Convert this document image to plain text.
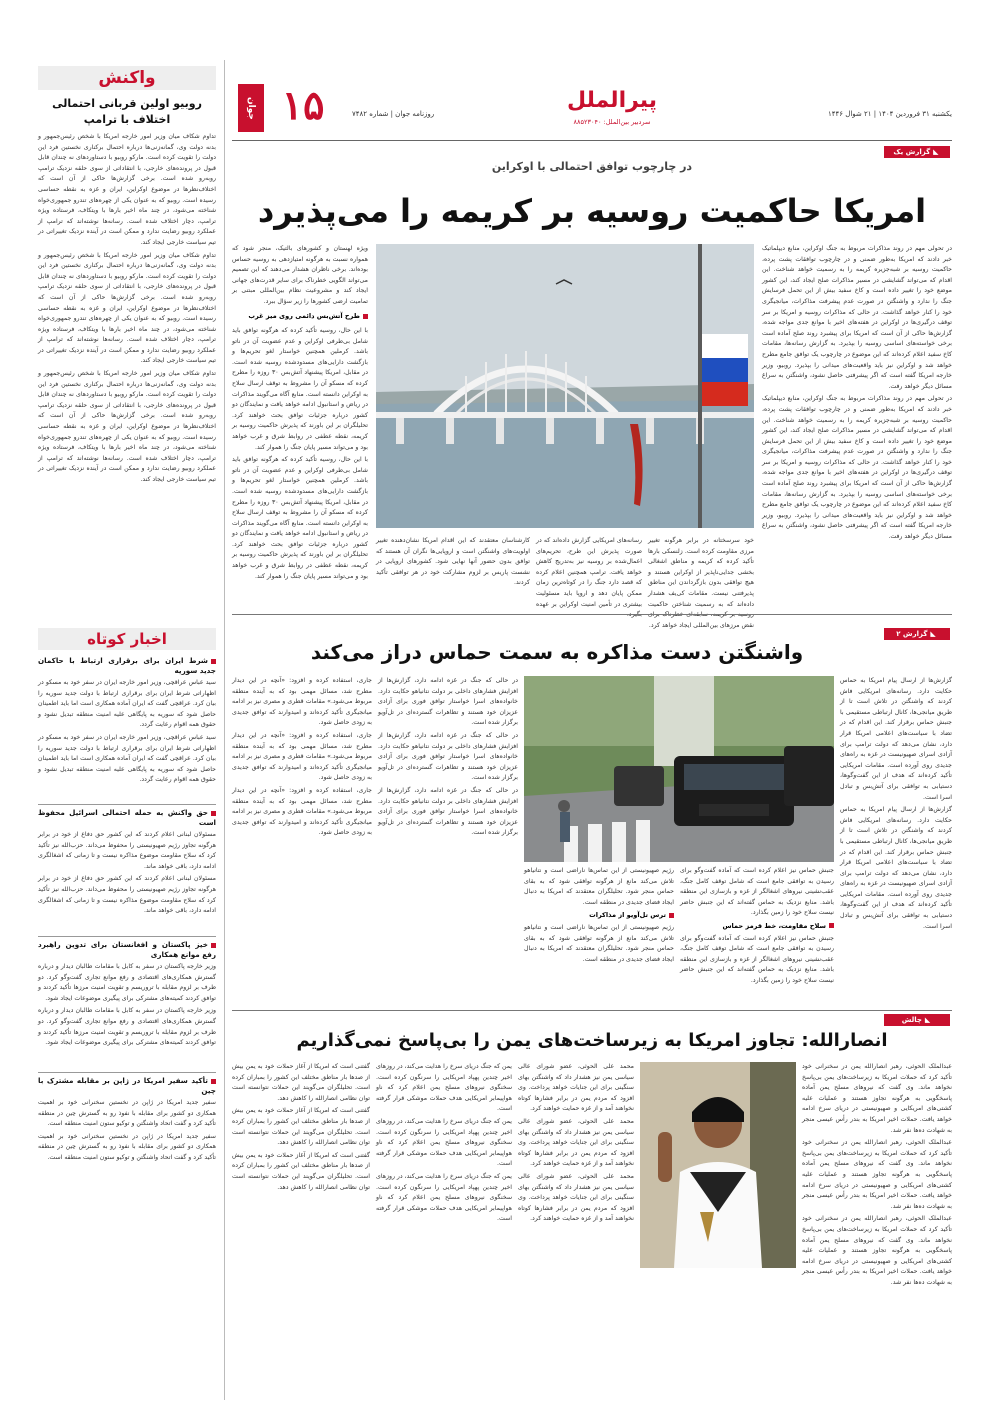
واکنش
روبیو اولین قربانی احتمالی اختلاف با ترامپ

تداوم شکاف میان وزیر امور خارجه امریکا با شخص رئیس‌جمهور و بدنه دولت وی، گمانه‌زنی‌ها درباره احتمال برکناری نخستین فرد این دولت را تقویت کرده است. مارکو روبیو با دستاوردهای نه چندان قابل قبول در پرونده‌های خارجی، با انتقاداتی از سوی حلقه نزدیک ترامپ روبه‌رو شده است. برخی گزارش‌ها حاکی از آن است که اختلاف‌نظرها در موضوع اوکراین، ایران و غزه به نقطه حساسی رسیده است. روبیو که به عنوان یکی از چهره‌های تندرو جمهوری‌خواه شناخته می‌شود، در چند ماه اخیر بارها با ویتکاف، فرستاده ویژه ترامپ، دچار اختلاف شده است. رسانه‌ها نوشته‌اند که ترامپ از عملکرد روبیو رضایت ندارد و ممکن است در آینده نزدیک تغییراتی در تیم سیاست خارجی ایجاد کند.

تداوم شکاف میان وزیر امور خارجه امریکا با شخص رئیس‌جمهور و بدنه دولت وی، گمانه‌زنی‌ها درباره احتمال برکناری نخستین فرد این دولت را تقویت کرده است. مارکو روبیو با دستاوردهای نه چندان قابل قبول در پرونده‌های خارجی، با انتقاداتی از سوی حلقه نزدیک ترامپ روبه‌رو شده است. برخی گزارش‌ها حاکی از آن است که اختلاف‌نظرها در موضوع اوکراین، ایران و غزه به نقطه حساسی رسیده است. روبیو که به عنوان یکی از چهره‌های تندرو جمهوری‌خواه شناخته می‌شود، در چند ماه اخیر بارها با ویتکاف، فرستاده ویژه ترامپ، دچار اختلاف شده است. رسانه‌ها نوشته‌اند که ترامپ از عملکرد روبیو رضایت ندارد و ممکن است در آینده نزدیک تغییراتی در تیم سیاست خارجی ایجاد کند.

تداوم شکاف میان وزیر امور خارجه امریکا با شخص رئیس‌جمهور و بدنه دولت وی، گمانه‌زنی‌ها درباره احتمال برکناری نخستین فرد این دولت را تقویت کرده است. مارکو روبیو با دستاوردهای نه چندان قابل قبول در پرونده‌های خارجی، با انتقاداتی از سوی حلقه نزدیک ترامپ روبه‌رو شده است. برخی گزارش‌ها حاکی از آن است که اختلاف‌نظرها در موضوع اوکراین، ایران و غزه به نقطه حساسی رسیده است. روبیو که به عنوان یکی از چهره‌های تندرو جمهوری‌خواه شناخته می‌شود، در چند ماه اخیر بارها با ویتکاف، فرستاده ویژه ترامپ، دچار اختلاف شده است. رسانه‌ها نوشته‌اند که ترامپ از عملکرد روبیو رضایت ندارد و ممکن است در آینده نزدیک تغییراتی در تیم سیاست خارجی ایجاد کند.

اخبار کوتاه
شرط ایران برای برقراری ارتباط با حاکمان جدید سوریه

سید عباس عراقچی، وزیر امور خارجه ایران در سفر خود به مسکو در اظهاراتی شرط ایران برای برقراری ارتباط با دولت جدید سوریه را بیان کرد. عراقچی گفت که ایران آماده همکاری است اما باید اطمینان حاصل شود که سوریه به پایگاهی علیه امنیت منطقه تبدیل نشود و حقوق همه اقوام رعایت گردد.

سید عباس عراقچی، وزیر امور خارجه ایران در سفر خود به مسکو در اظهاراتی شرط ایران برای برقراری ارتباط با دولت جدید سوریه را بیان کرد. عراقچی گفت که ایران آماده همکاری است اما باید اطمینان حاصل شود که سوریه به پایگاهی علیه امنیت منطقه تبدیل نشود و حقوق همه اقوام رعایت گردد.

حق واکنش به حمله احتمالی اسرائیل محفوظ است

مسئولان لبنانی اعلام کردند که این کشور حق دفاع از خود در برابر هرگونه تجاوز رژیم صهیونیستی را محفوظ می‌داند. حزب‌الله نیز تأکید کرد که سلاح مقاومت موضوع مذاکره نیست و تا زمانی که اشغالگری ادامه دارد، باقی خواهد ماند.

مسئولان لبنانی اعلام کردند که این کشور حق دفاع از خود در برابر هرگونه تجاوز رژیم صهیونیستی را محفوظ می‌داند. حزب‌الله نیز تأکید کرد که سلاح مقاومت موضوع مذاکره نیست و تا زمانی که اشغالگری ادامه دارد، باقی خواهد ماند.

خیز پاکستان و افغانستان برای تدوین راهبرد رفع موانع همکاری

وزیر خارجه پاکستان در سفر به کابل با مقامات طالبان دیدار و درباره گسترش همکاری‌های اقتصادی و رفع موانع تجاری گفت‌وگو کرد. دو طرف بر لزوم مقابله با تروریسم و تقویت امنیت مرزها تأکید کردند و توافق کردند کمیته‌های مشترکی برای پیگیری موضوعات ایجاد شود.

وزیر خارجه پاکستان در سفر به کابل با مقامات طالبان دیدار و درباره گسترش همکاری‌های اقتصادی و رفع موانع تجاری گفت‌وگو کرد. دو طرف بر لزوم مقابله با تروریسم و تقویت امنیت مرزها تأکید کردند و توافق کردند کمیته‌های مشترکی برای پیگیری موضوعات ایجاد شود.

تأکید سفیر امریکا در ژاپن بر مقابله مشترک با چین

سفیر جدید امریکا در ژاپن در نخستین سخنرانی خود بر اهمیت همکاری دو کشور برای مقابله با نفوذ رو به گسترش چین در منطقه تأکید کرد و گفت اتحاد واشنگتن و توکیو ستون امنیت منطقه است.

سفیر جدید امریکا در ژاپن در نخستین سخنرانی خود بر اهمیت همکاری دو کشور برای مقابله با نفوذ رو به گسترش چین در منطقه تأکید کرد و گفت اتحاد واشنگتن و توکیو ستون امنیت منطقه است.

۱۵
جوان	پیرالملل
سردبیر بین‌الملل: ۸۸۵۲۳۰۴۰
یکشنبه ۳۱ فروردین ۱۴۰۴ | ۲۱ شوال ۱۴۴۶
روزنامه جوان | شماره ۷۴۸۲
◣گزارش یک
در چارچوب توافق احتمالی با اوکراین
امریکا حاکمیت روسیه بر کریمه را می‌پذیرد

در تحولی مهم در روند مذاکرات مربوط به جنگ اوکراین، منابع دیپلماتیک خبر دادند که امریکا به‌طور ضمنی و در چارچوب توافقات پشت پرده، حاکمیت روسیه بر شبه‌جزیره کریمه را به رسمیت خواهد شناخت. این اقدام که می‌تواند گشایشی در مسیر مذاکرات صلح ایجاد کند، این کشور موضع خود را تغییر داده است و کاخ سفید بیش از این تحمل فرسایش جنگ را ندارد و واشنگتن در صورت عدم پیشرفت مذاکرات، میانجیگری خود را کنار خواهد گذاشت. در حالی که مذاکرات روسیه و امریکا بر سر توقف درگیری‌ها در اوکراین در هفته‌های اخیر با موانع جدی مواجه شده، گزارش‌ها حاکی از آن است که امریکا برای پیشبرد روند صلح آماده است برخی خواسته‌های اساسی روسیه را بپذیرد. به گزارش رسانه‌ها، مقامات کاخ سفید اعلام کرده‌اند که این موضوع در چارچوب یک توافق جامع مطرح خواهد شد و اوکراین نیز باید واقعیت‌های میدانی را بپذیرد. روبیو، وزیر خارجه امریکا گفته است که اگر پیشرفتی حاصل نشود، واشنگتن به سراغ مسائل دیگر خواهد رفت.

در تحولی مهم در روند مذاکرات مربوط به جنگ اوکراین، منابع دیپلماتیک خبر دادند که امریکا به‌طور ضمنی و در چارچوب توافقات پشت پرده، حاکمیت روسیه بر شبه‌جزیره کریمه را به رسمیت خواهد شناخت. این اقدام که می‌تواند گشایشی در مسیر مذاکرات صلح ایجاد کند، این کشور موضع خود را تغییر داده است و کاخ سفید بیش از این تحمل فرسایش جنگ را ندارد و واشنگتن در صورت عدم پیشرفت مذاکرات، میانجیگری خود را کنار خواهد گذاشت. در حالی که مذاکرات روسیه و امریکا بر سر توقف درگیری‌ها در اوکراین در هفته‌های اخیر با موانع جدی مواجه شده، گزارش‌ها حاکی از آن است که امریکا برای پیشبرد روند صلح آماده است برخی خواسته‌های اساسی روسیه را بپذیرد. به گزارش رسانه‌ها، مقامات کاخ سفید اعلام کرده‌اند که این موضوع در چارچوب یک توافق جامع مطرح خواهد شد و اوکراین نیز باید واقعیت‌های میدانی را بپذیرد. روبیو، وزیر خارجه امریکا گفته است که اگر پیشرفتی حاصل نشود، واشنگتن به سراغ مسائل دیگر خواهد رفت.

ویژه لهستان و کشورهای بالتیک، منجر شود که همواره نسبت به هرگونه امتیازدهی به روسیه حساس بوده‌اند. برخی ناظران هشدار می‌دهند که این تصمیم می‌تواند الگویی خطرناک برای سایر قدرت‌های جهانی ایجاد کند و مشروعیت نظام بین‌المللی مبتنی بر تمامیت ارضی کشورها را زیر سؤال ببرد.

طرح آتش‌بس دائمی روی میز غرب

با این حال، روسیه تأکید کرده که هرگونه توافق باید شامل بی‌طرفی اوکراین و عدم عضویت آن در ناتو باشد. کرملین همچنین خواستار لغو تحریم‌ها و بازگشت دارایی‌های مسدودشده روسیه شده است. در مقابل، امریکا پیشنهاد آتش‌بس ۳۰ روزه را مطرح کرده که مسکو آن را مشروط به توقف ارسال سلاح به اوکراین دانسته است. منابع آگاه می‌گویند مذاکرات در ریاض و استانبول ادامه خواهد یافت و نمایندگان دو کشور درباره جزئیات توافق بحث خواهند کرد. تحلیلگران بر این باورند که پذیرش حاکمیت روسیه بر کریمه، نقطه عطفی در روابط شرق و غرب خواهد بود و می‌تواند مسیر پایان جنگ را هموار کند.

با این حال، روسیه تأکید کرده که هرگونه توافق باید شامل بی‌طرفی اوکراین و عدم عضویت آن در ناتو باشد. کرملین همچنین خواستار لغو تحریم‌ها و بازگشت دارایی‌های مسدودشده روسیه شده است. در مقابل، امریکا پیشنهاد آتش‌بس ۳۰ روزه را مطرح کرده که مسکو آن را مشروط به توقف ارسال سلاح به اوکراین دانسته است. منابع آگاه می‌گویند مذاکرات در ریاض و استانبول ادامه خواهد یافت و نمایندگان دو کشور درباره جزئیات توافق بحث خواهند کرد. تحلیلگران بر این باورند که پذیرش حاکمیت روسیه بر کریمه، نقطه عطفی در روابط شرق و غرب خواهد بود و می‌تواند مسیر پایان جنگ را هموار کند.

خود سرسختانه در برابر هرگونه تغییر مرزی مقاومت کرده است. زلنسکی بارها تأکید کرده که کریمه و مناطق اشغالی بخشی جدایی‌ناپذیر از اوکراین هستند و هیچ توافقی بدون بازگرداندن این مناطق پذیرفتنی نیست. مقامات کی‌یف هشدار داده‌اند که به رسمیت شناختن حاکمیت نقض مرزهای بین‌المللی ایجاد خواهد کرد.

رسانه‌های امریکایی گزارش داده‌اند که در صورت پذیرش این طرح، تحریم‌های اعمال‌شده بر روسیه نیز به‌تدریج کاهش خواهد یافت. ترامپ همچنین اعلام کرده که قصد دارد جنگ را در کوتاه‌ترین زمان ممکن پایان دهد و اروپا باید مسئولیت بیشتری در تأمین امنیت اوکراین بر عهده

کارشناسان معتقدند که این اقدام امریکا نشان‌دهنده تغییر اولویت‌های واشنگتن است و اروپایی‌ها نگران آن هستند که توافق بدون حضور آنها نهایی شود. کشورهای اروپایی در نشست پاریس بر لزوم مشارکت خود در هر توافقی تأکید کردند.

◣گزارش ۲
واشنگتن دست مذاکره به سمت حماس دراز می‌کند

گزارش‌ها از ارسال پیام امریکا به حماس حکایت دارد. رسانه‌های امریکایی فاش کردند که واشنگتن در تلاش است تا از طریق میانجی‌ها، کانال ارتباطی مستقیمی با جنبش حماس برقرار کند. این اقدام که در تضاد با سیاست‌های اعلامی امریکا قرار دارد، نشان می‌دهد که دولت ترامپ برای آزادی اسرای صهیونیست در غزه به راه‌های جدیدی روی آورده است. مقامات امریکایی تأکید کرده‌اند که هدف از این گفت‌وگوها، دستیابی به توافقی برای آتش‌بس و تبادل اسرا است.

گزارش‌ها از ارسال پیام امریکا به حماس حکایت دارد. رسانه‌های امریکایی فاش کردند که واشنگتن در تلاش است تا از طریق میانجی‌ها، کانال ارتباطی مستقیمی با جنبش حماس برقرار کند. این اقدام که در تضاد با سیاست‌های اعلامی امریکا قرار دارد، نشان می‌دهد که دولت ترامپ برای آزادی اسرای صهیونیست در غزه به راه‌های جدیدی روی آورده است. مقامات امریکایی تأکید کرده‌اند که هدف از این گفت‌وگوها، دستیابی به توافقی برای آتش‌بس و تبادل اسرا است.

جنبش حماس نیز اعلام کرده است که آماده گفت‌وگو برای رسیدن به توافقی جامع است که شامل توقف کامل جنگ، عقب‌نشینی نیروهای اشغالگر از غزه و بازسازی این منطقه باشد. منابع نزدیک به حماس گفته‌اند که این جنبش حاضر نیست سلاح خود را زمین بگذارد.

سلاح مقاومت، خط قرمز حماس

جنبش حماس نیز اعلام کرده است که آماده گفت‌وگو برای رسیدن به توافقی جامع است که شامل توقف کامل جنگ، عقب‌نشینی نیروهای اشغالگر از غزه و بازسازی این منطقه باشد. منابع نزدیک به حماس گفته‌اند که این جنبش حاضر نیست سلاح خود را زمین بگذارد.

رژیم صهیونیستی از این تماس‌ها ناراضی است و نتانیاهو تلاش می‌کند مانع از هرگونه توافقی شود که به بقای حماس منجر شود. تحلیلگران معتقدند که امریکا به دنبال ایجاد فضای جدیدی در منطقه است.

ترس تل‌آویو از مذاکرات

رژیم صهیونیستی از این تماس‌ها ناراضی است و نتانیاهو تلاش می‌کند مانع از هرگونه توافقی شود که به بقای حماس منجر شود. تحلیلگران معتقدند که امریکا به دنبال ایجاد فضای جدیدی در منطقه است.

در حالی که جنگ در غزه ادامه دارد، گزارش‌ها از افزایش فشارهای داخلی بر دولت نتانیاهو حکایت دارد. خانواده‌های اسرا خواستار توافق فوری برای آزادی عزیزان خود هستند و تظاهرات گسترده‌ای در تل‌آویو برگزار شده است.

در حالی که جنگ در غزه ادامه دارد، گزارش‌ها از افزایش فشارهای داخلی بر دولت نتانیاهو حکایت دارد. خانواده‌های اسرا خواستار توافق فوری برای آزادی عزیزان خود هستند و تظاهرات گسترده‌ای در تل‌آویو برگزار شده است.

در حالی که جنگ در غزه ادامه دارد، گزارش‌ها از افزایش فشارهای داخلی بر دولت نتانیاهو حکایت دارد. خانواده‌های اسرا خواستار توافق فوری برای آزادی عزیزان خود هستند و تظاهرات گسترده‌ای در تل‌آویو برگزار شده است.

جاری، استفاده کرده و افزود: «آنچه در این دیدار مطرح شد، مسائل مهمی بود که به آینده منطقه مربوط می‌شود.» مقامات قطری و مصری نیز بر ادامه میانجیگری تأکید کرده‌اند و امیدوارند که توافق جدیدی به زودی حاصل شود.

جاری، استفاده کرده و افزود: «آنچه در این دیدار مطرح شد، مسائل مهمی بود که به آینده منطقه مربوط می‌شود.» مقامات قطری و مصری نیز بر ادامه میانجیگری تأکید کرده‌اند و امیدوارند که توافق جدیدی به زودی حاصل شود.

جاری، استفاده کرده و افزود: «آنچه در این دیدار مطرح شد، مسائل مهمی بود که به آینده منطقه مربوط می‌شود.» مقامات قطری و مصری نیز بر ادامه میانجیگری تأکید کرده‌اند و امیدوارند که توافق جدیدی به زودی حاصل شود.

◣چالش
انصارالله: تجاوز امریکا به زیرساخت‌های یمن را بی‌پاسخ نمی‌گذاریم

عبدالملک الحوثی، رهبر انصارالله یمن در سخنرانی خود تأکید کرد که حملات امریکا به زیرساخت‌های یمن بی‌پاسخ نخواهد ماند. وی گفت که نیروهای مسلح یمن آماده پاسخگویی به هرگونه تجاوز هستند و عملیات علیه کشتی‌های امریکایی و صهیونیستی در دریای سرخ ادامه خواهد یافت. حملات اخیر امریکا به بندر رأس عیسی منجر به شهادت ده‌ها نفر شد.

عبدالملک الحوثی، رهبر انصارالله یمن در سخنرانی خود تأکید کرد که حملات امریکا به زیرساخت‌های یمن بی‌پاسخ نخواهد ماند. وی گفت که نیروهای مسلح یمن آماده پاسخگویی به هرگونه تجاوز هستند و عملیات علیه کشتی‌های امریکایی و صهیونیستی در دریای سرخ ادامه خواهد یافت. حملات اخیر امریکا به بندر رأس عیسی منجر به شهادت ده‌ها نفر شد.

عبدالملک الحوثی، رهبر انصارالله یمن در سخنرانی خود تأکید کرد که حملات امریکا به زیرساخت‌های یمن بی‌پاسخ نخواهد ماند. وی گفت که نیروهای مسلح یمن آماده پاسخگویی به هرگونه تجاوز هستند و عملیات علیه کشتی‌های امریکایی و صهیونیستی در دریای سرخ ادامه خواهد یافت. حملات اخیر امریکا به بندر رأس عیسی منجر به شهادت ده‌ها نفر شد.

محمد علی الحوثی، عضو شورای عالی سیاسی یمن نیز هشدار داد که واشنگتن بهای سنگینی برای این جنایات خواهد پرداخت. وی افزود که مردم یمن در برابر فشارها کوتاه نخواهند آمد و از غزه حمایت خواهند کرد.

محمد علی الحوثی، عضو شورای عالی سیاسی یمن نیز هشدار داد که واشنگتن بهای سنگینی برای این جنایات خواهد پرداخت. وی افزود که مردم یمن در برابر فشارها کوتاه نخواهند آمد و از غزه حمایت خواهند کرد.

محمد علی الحوثی، عضو شورای عالی سیاسی یمن نیز هشدار داد که واشنگتن بهای سنگینی برای این جنایات خواهد پرداخت. وی افزود که مردم یمن در برابر فشارها کوتاه نخواهند آمد و از غزه حمایت خواهند کرد.

یمن که جنگ دریای سرخ را هدایت می‌کند، در روزهای اخیر چندین پهپاد امریکایی را سرنگون کرده است. سخنگوی نیروهای مسلح یمن اعلام کرد که ناو هواپیمابر امریکایی هدف حملات موشکی قرار گرفته است.

یمن که جنگ دریای سرخ را هدایت می‌کند، در روزهای اخیر چندین پهپاد امریکایی را سرنگون کرده است. سخنگوی نیروهای مسلح یمن اعلام کرد که ناو هواپیمابر امریکایی هدف حملات موشکی قرار گرفته است.

یمن که جنگ دریای سرخ را هدایت می‌کند، در روزهای اخیر چندین پهپاد امریکایی را سرنگون کرده است. سخنگوی نیروهای مسلح یمن اعلام کرد که ناو هواپیمابر امریکایی هدف حملات موشکی قرار گرفته است.

گفتنی است که امریکا از آغاز حملات خود به یمن بیش از صدها بار مناطق مختلف این کشور را بمباران کرده است. تحلیلگران می‌گویند این حملات نتوانسته است توان نظامی انصارالله را کاهش دهد.

گفتنی است که امریکا از آغاز حملات خود به یمن بیش از صدها بار مناطق مختلف این کشور را بمباران کرده است. تحلیلگران می‌گویند این حملات نتوانسته است توان نظامی انصارالله را کاهش دهد.

گفتنی است که امریکا از آغاز حملات خود به یمن بیش از صدها بار مناطق مختلف این کشور را بمباران کرده است. تحلیلگران می‌گویند این حملات نتوانسته است توان نظامی انصارالله را کاهش دهد.
